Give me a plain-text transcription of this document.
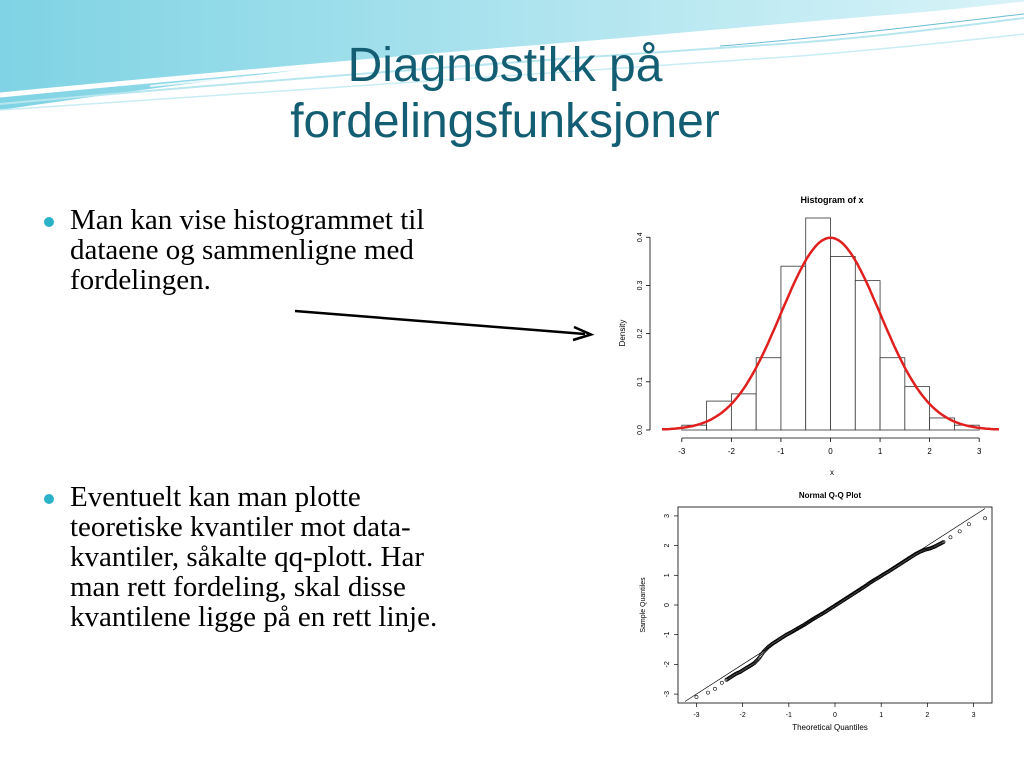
Diagnostikk på
fordelingsfunksjoner
Man kan vise histogrammet til
dataene og sammenligne med
fordelingen.
Eventuelt kan man plotte
teoretiske kvantiler mot data-
kvantiler, såkalte qq-plott. Har
man rett fordeling, skal disse
kvantilene ligge på en rett linje.
Histogram of x
-3	-2	-1	0	1	2	3
0.0
0.1
0.2
0.3
0.4
x
Density
Normal Q-Q Plot
-3	-2	-1	0	1	2	3
-3
-2
-1
0
1
2
3
Theoretical Quantiles
Sample Quantiles
